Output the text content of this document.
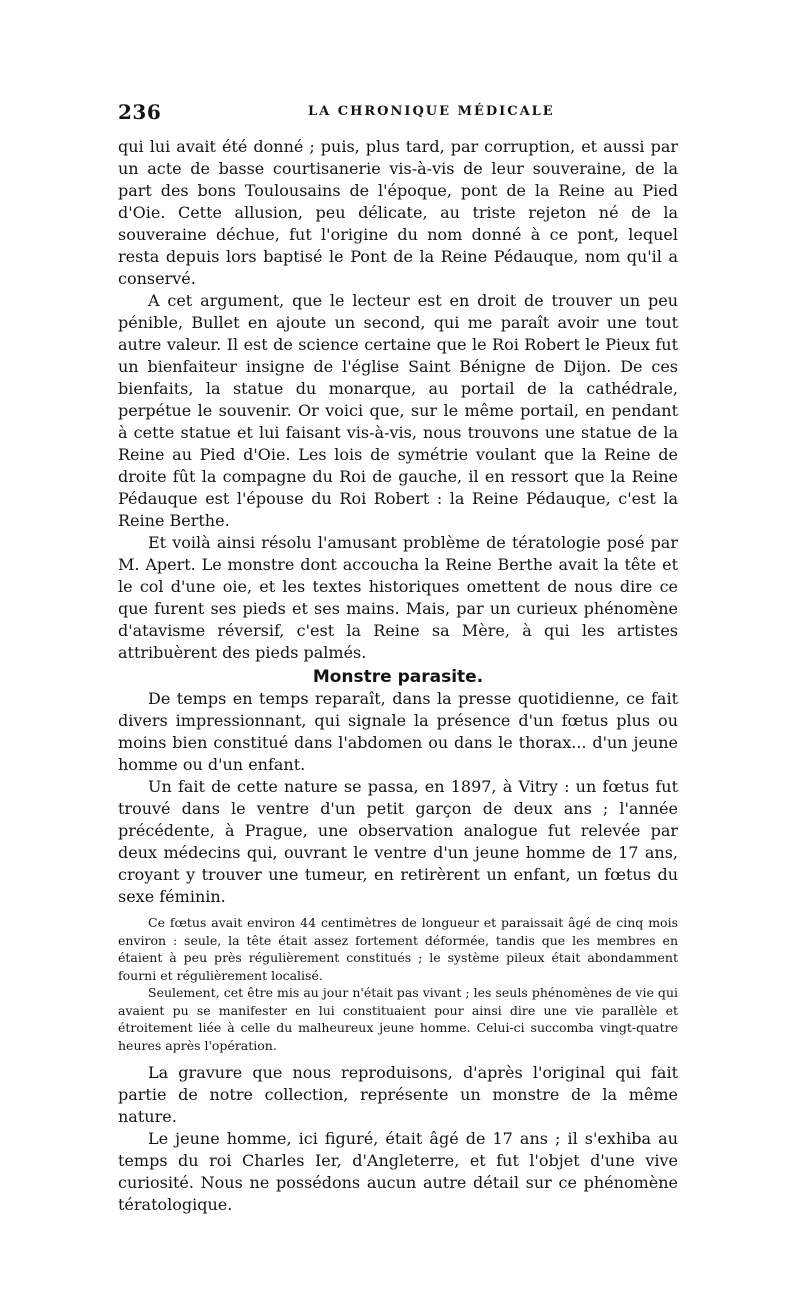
236	LA CHRONIQUE MÉDICALE

qui lui avait été donné ; puis, plus tard, par corruption, et aussi par un acte de basse courtisanerie vis-à-vis de leur souveraine, de la part des bons Toulousains de l'époque, pont de la Reine au Pied d'Oie. Cette allusion, peu délicate, au triste rejeton né de la souveraine déchue, fut l'origine du nom donné à ce pont, lequel resta depuis lors baptisé le Pont de la Reine Pédauque, nom qu'il a conservé.

A cet argument, que le lecteur est en droit de trouver un peu pénible, Bullet en ajoute un second, qui me paraît avoir une tout autre valeur. Il est de science certaine que le Roi Robert le Pieux fut un bienfaiteur insigne de l'église Saint Bénigne de Dijon. De ces bienfaits, la statue du monarque, au portail de la cathédrale, perpétue le souvenir. Or voici que, sur le même portail, en pendant à cette statue et lui faisant vis-à-vis, nous trouvons une statue de la Reine au Pied d'Oie. Les lois de symétrie voulant que la Reine de droite fût la compagne du Roi de gauche, il en ressort que la Reine Pédauque est l'épouse du Roi Robert : la Reine Pédauque, c'est la Reine Berthe.

Et voilà ainsi résolu l'amusant problème de tératologie posé par M. Apert. Le monstre dont accoucha la Reine Berthe avait la tête et le col d'une oie, et les textes historiques omettent de nous dire ce que furent ses pieds et ses mains. Mais, par un curieux phénomène d'atavisme réversif, c'est la Reine sa Mère, à qui les artistes attribuèrent des pieds palmés.

Monstre parasite.

De temps en temps reparaît, dans la presse quotidienne, ce fait divers impressionnant, qui signale la présence d'un fœtus plus ou moins bien constitué dans l'abdomen ou dans le thorax... d'un jeune homme ou d'un enfant.

Un fait de cette nature se passa, en 1897, à Vitry : un fœtus fut trouvé dans le ventre d'un petit garçon de deux ans ; l'année précédente, à Prague, une observation analogue fut relevée par deux médecins qui, ouvrant le ventre d'un jeune homme de 17 ans, croyant y trouver une tumeur, en retirèrent un enfant, un fœtus du sexe féminin.

Ce fœtus avait environ 44 centimètres de longueur et paraissait âgé de cinq mois environ : seule, la tête était assez fortement déformée, tandis que les membres en étaient à peu près régulièrement constitués ; le système pileux était abondamment fourni et régulièrement localisé.

Seulement, cet être mis au jour n'était pas vivant ; les seuls phénomènes de vie qui avaient pu se manifester en lui constituaient pour ainsi dire une vie parallèle et étroitement liée à celle du malheureux jeune homme. Celui-ci succomba vingt-quatre heures après l'opération.

La gravure que nous reproduisons, d'après l'original qui fait partie de notre collection, représente un monstre de la même nature.

Le jeune homme, ici figuré, était âgé de 17 ans ; il s'exhiba au temps du roi Charles Ier, d'Angleterre, et fut l'objet d'une vive curiosité. Nous ne possédons aucun autre détail sur ce phénomène tératologique.
